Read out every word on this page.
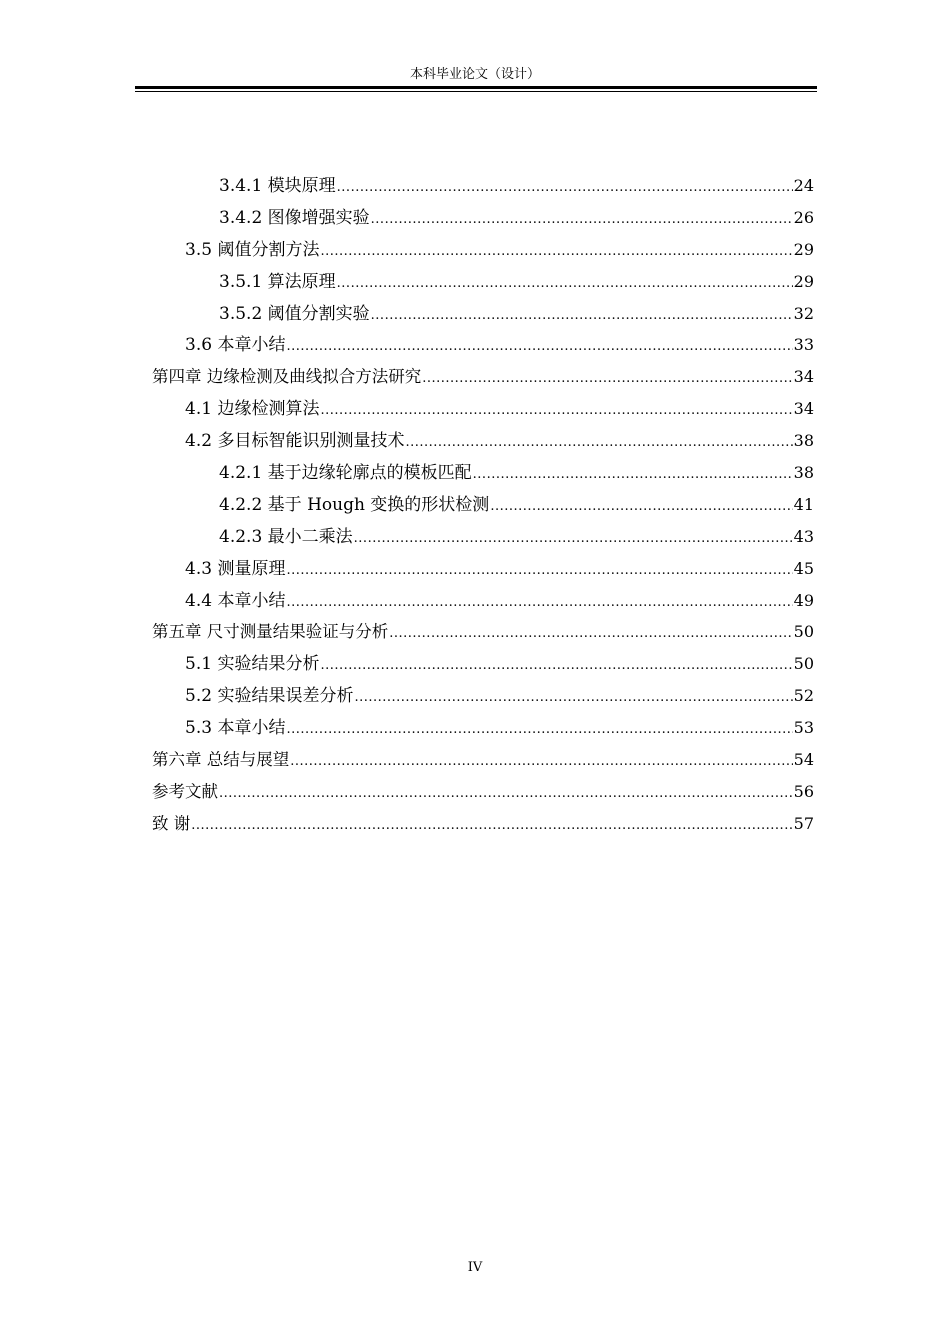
本科毕业论文（设计）
3.4.1 模块原理 .....	24
3.4.2 图像增强实验 .....	26
3.5 阈值分割方法 .....	29
3.5.1 算法原理 .....	29
3.5.2 阈值分割实验 .....	32
3.6 本章小结 .....	33
第四章 边缘检测及曲线拟合方法研究 .....	34
4.1 边缘检测算法 .....	34
4.2 多目标智能识别测量技术 .....	38
4.2.1 基于边缘轮廓点的模板匹配 .....	38
4.2.2 基于 Hough 变换的形状检测 .....	41
4.2.3 最小二乘法 .....	43
4.3 测量原理 .....	45
4.4 本章小结 .....	49
第五章 尺寸测量结果验证与分析 .....	50
5.1 实验结果分析 .....	50
5.2 实验结果误差分析 .....	52
5.3 本章小结 .....	53
第六章 总结与展望 .....	54
参考文献 .....	56
致 谢 .....	57
IV
